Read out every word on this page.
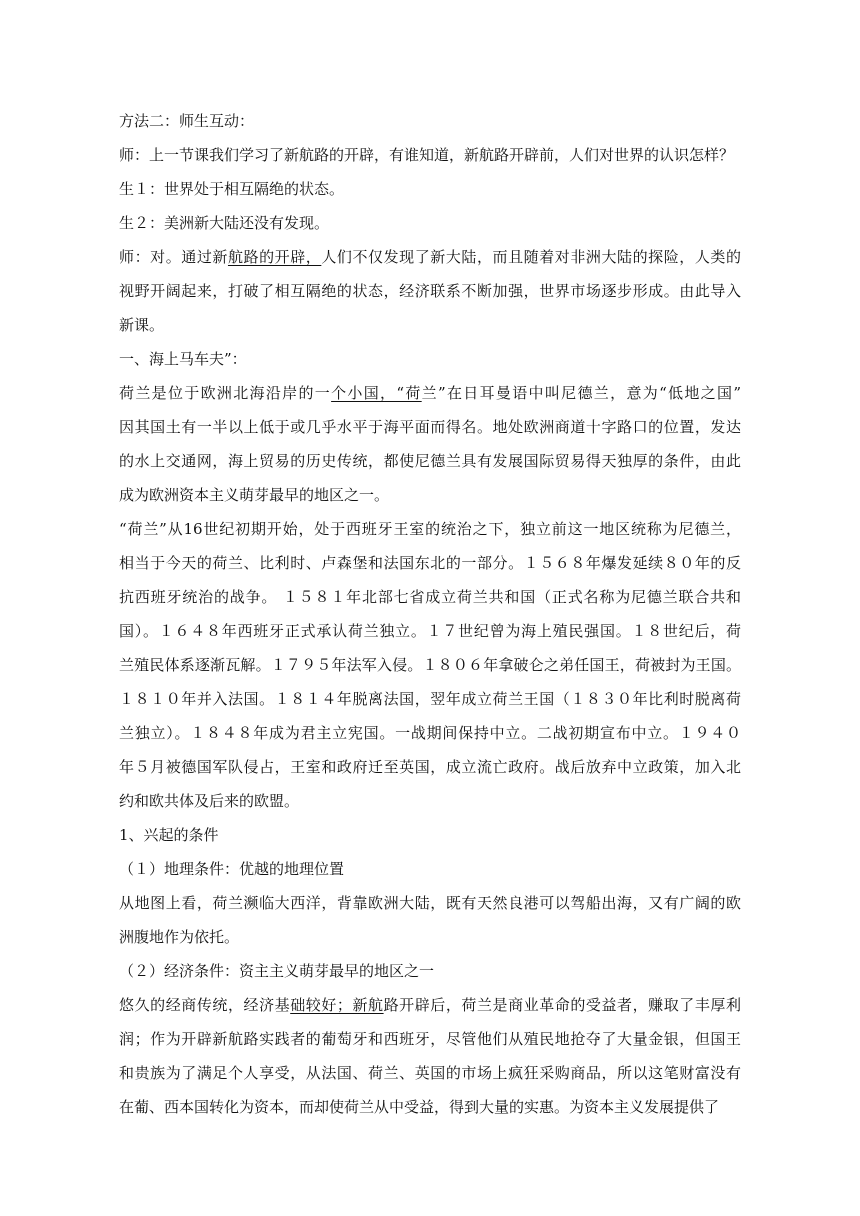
方法二：师生互动：
师：上一节课我们学习了新航路的开辟，有谁知道，新航路开辟前，人们对世界的认识怎样？
生１：世界处于相互隔绝的状态。
生２：美洲新大陆还没有发现。
师：对。通过新航路的开辟，人们不仅发现了新大陆，而且随着对非洲大陆的探险，人类的
视野开阔起来，打破了相互隔绝的状态，经济联系不断加强，世界市场逐步形成。由此导入
新课。
一、海上马车夫”：
荷兰是位于欧洲北海沿岸的一个小国，“荷兰”在日耳曼语中叫尼德兰，意为“低地之国”
因其国土有一半以上低于或几乎水平于海平面而得名。地处欧洲商道十字路口的位置，发达
的水上交通网，海上贸易的历史传统，都使尼德兰具有发展国际贸易得天独厚的条件，由此
成为欧洲资本主义萌芽最早的地区之一。
“荷兰”从16世纪初期开始，处于西班牙王室的统治之下，独立前这一地区统称为尼德兰，
相当于今天的荷兰、比利时、卢森堡和法国东北的一部分。１５６８年爆发延续８０年的反
抗西班牙统治的战争。 １５８１年北部七省成立荷兰共和国（正式名称为尼德兰联合共和
国）。１６４８年西班牙正式承认荷兰独立。１７世纪曾为海上殖民强国。１８世纪后，荷
兰殖民体系逐渐瓦解。１７９５年法军入侵。１８０６年拿破仑之弟任国王，荷被封为王国。
１８１０年并入法国。１８１４年脱离法国，翌年成立荷兰王国（１８３０年比利时脱离荷
兰独立）。１８４８年成为君主立宪国。一战期间保持中立。二战初期宣布中立。１９４０
年５月被德国军队侵占，王室和政府迁至英国，成立流亡政府。战后放弃中立政策，加入北
约和欧共体及后来的欧盟。
1、兴起的条件
（１）地理条件：优越的地理位置
从地图上看，荷兰濒临大西洋，背靠欧洲大陆，既有天然良港可以驾船出海，又有广阔的欧
洲腹地作为依托。
（２）经济条件：资主主义萌芽最早的地区之一
悠久的经商传统，经济基础较好；新航路开辟后，荷兰是商业革命的受益者，赚取了丰厚利
润；作为开辟新航路实践者的葡萄牙和西班牙，尽管他们从殖民地抢夺了大量金银，但国王
和贵族为了满足个人享受，从法国、荷兰、英国的市场上疯狂采购商品，所以这笔财富没有
在葡、西本国转化为资本，而却使荷兰从中受益，得到大量的实惠。为资本主义发展提供了
